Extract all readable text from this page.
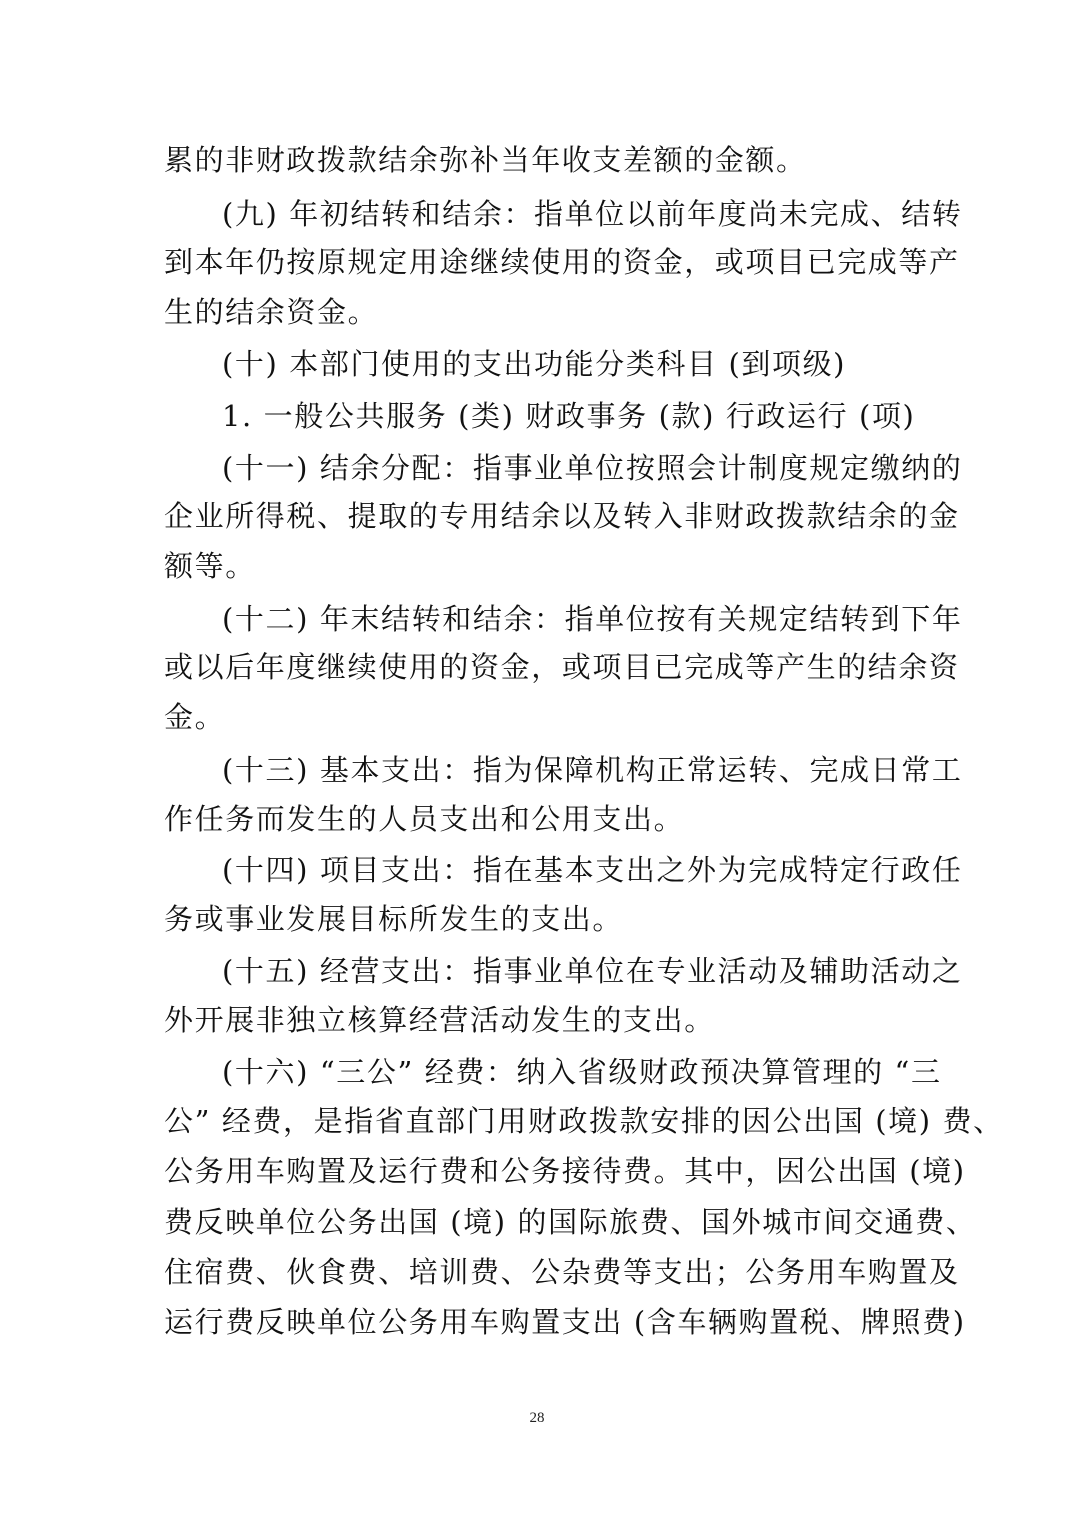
累的非财政拨款结余弥补当年收支差额的金额。
(九) 年初结转和结余：指单位以前年度尚未完成、结转
到本年仍按原规定用途继续使用的资金，或项目已完成等产
生的结余资金。
(十) 本部门使用的支出功能分类科目 (到项级)
1. 一般公共服务 (类) 财政事务 (款) 行政运行 (项)
(十一) 结余分配：指事业单位按照会计制度规定缴纳的
企业所得税、提取的专用结余以及转入非财政拨款结余的金
额等。
(十二) 年末结转和结余：指单位按有关规定结转到下年
或以后年度继续使用的资金，或项目已完成等产生的结余资
金。
(十三) 基本支出：指为保障机构正常运转、完成日常工
作任务而发生的人员支出和公用支出。
(十四) 项目支出：指在基本支出之外为完成特定行政任
务或事业发展目标所发生的支出。
(十五) 经营支出：指事业单位在专业活动及辅助活动之
外开展非独立核算经营活动发生的支出。
(十六) “三公” 经费：纳入省级财政预决算管理的 “三
公” 经费，是指省直部门用财政拨款安排的因公出国 (境) 费、
公务用车购置及运行费和公务接待费。其中，因公出国 (境)
费反映单位公务出国 (境) 的国际旅费、国外城市间交通费、
住宿费、伙食费、培训费、公杂费等支出；公务用车购置及
运行费反映单位公务用车购置支出 (含车辆购置税、牌照费)
28
